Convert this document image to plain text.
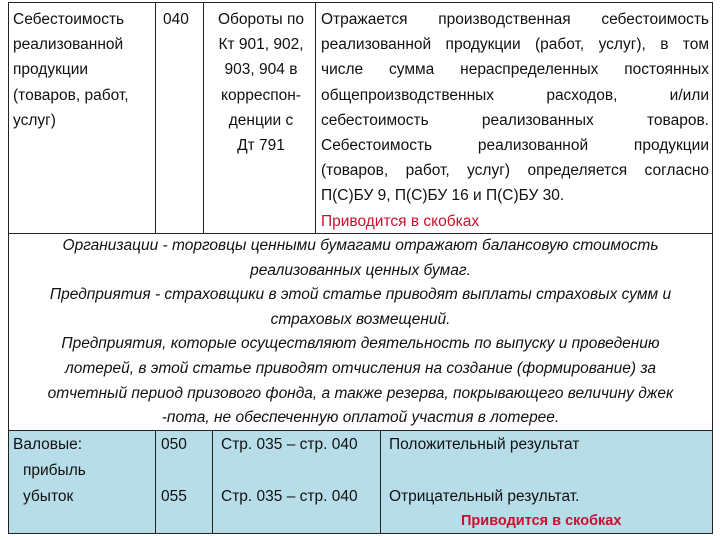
Себестоимость
реализованной
продукции
(товаров, работ,
услуг)
040	Обороты по
Кт 901, 902,
903, 904 в
корреспон-
денции с
Дт 791
Отражается производственная себестоимость
реализованной продукции (работ, услуг), в том
числе сумма нераспределенных постоянных
общепроизводственных расходов, и/или
себестоимость реализованных товаров.
Себестоимость реализованной продукции
(товаров, работ, услуг) определяется согласно
П(С)БУ 9, П(С)БУ 16 и П(С)БУ 30.
Приводится в скобках

Организации - торговцы ценными бумагами отражают балансовую стоимость

реализованных ценных бумаг.

Предприятия - страховщики в этой статье приводят выплаты страховых сумм и

страховых возмещений.

Предприятия, которые осуществляют деятельность по выпуску и проведению

лотерей, в этой статье приводят отчисления на создание (формирование) за

отчетный период призового фонда, а также резерва, покрывающего величину джек

-пота, не обеспеченную оплатой участия в лотерее.

Валовые:
прибыль
убыток
050
055
Стр. 035 – стр. 040
Стр. 035 – стр. 040
Положительный результат
Отрицательный результат.
Приводится в скобках
